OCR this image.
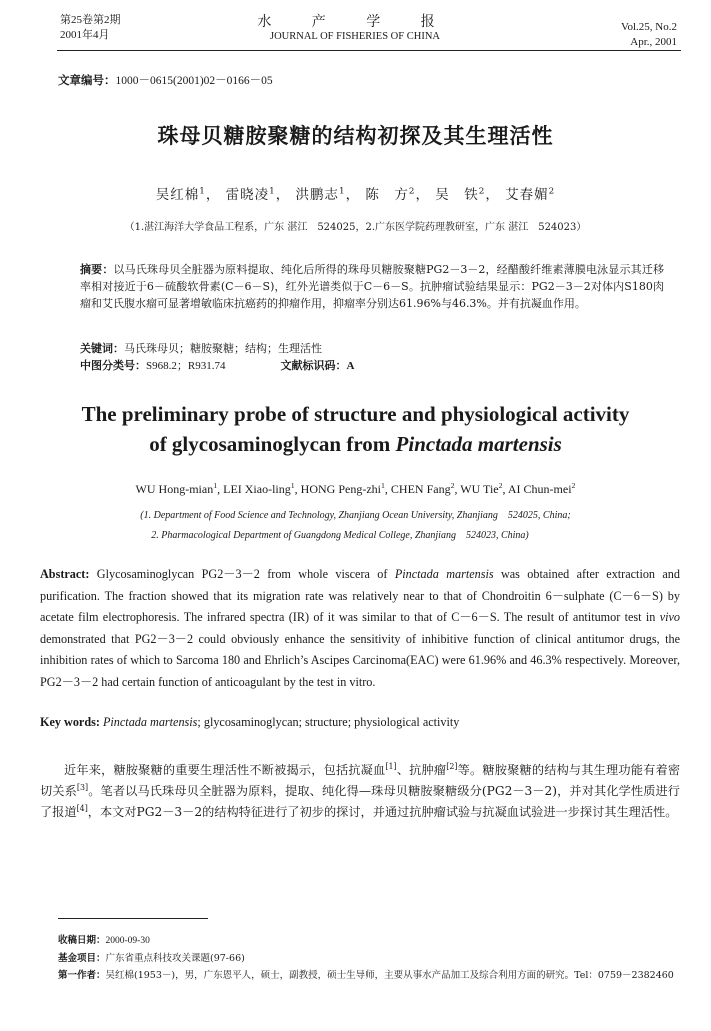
第25卷第2期
2001年4月
水 产 学 报
JOURNAL OF FISHERIES OF CHINA
Vol.25, No.2
Apr., 2001
文章编号：1000－0615(2001)02－0166－05
珠母贝糖胺聚糖的结构初探及其生理活性
吴红棉$^1$， 雷晓凌$^1$， 洪鹏志$^1$， 陈　方$^2$， 吴　铁$^2$， 艾春媚$^2$
（1.湛江海洋大学食品工程系，广东 湛江　524025，2.广东医学院药理教研室，广东 湛江　524023）
摘要：以马氏珠母贝全脏器为原料提取、纯化后所得的珠母贝糖胺聚糖PG2－3－2，经醋酸纤维素薄膜电泳显示其迁移率相对接近于6－硫酸软骨素(C－6－S)，红外光谱类似于C－6－S。抗肿瘤试验结果显示：PG2－3－2对体内S180肉瘤和艾氏腹水瘤可显著增敏临床抗癌药的抑瘤作用，抑瘤率分别达61.96%与46.3%。并有抗凝血作用。
关键词：马氏珠母贝；糖胺聚糖；结构；生理活性
中图分类号：S968.2；R931.74	文献标识码：A
The preliminary probe of structure and physiological activity
of glycosaminoglycan from Pinctada martensis
WU Hong-mian$^1$, LEI Xiao-ling$^1$, HONG Peng-zhi$^1$, CHEN Fang$^2$, WU Tie$^2$, AI Chun-mei$^2$
(1. Department of Food Science and Technology, Zhanjiang Ocean University, Zhanjiang　524025, China;
2. Pharmacological Department of Guangdong Medical College, Zhanjiang　524023, China)
Abstract: Glycosaminoglycan PG2－3－2 from whole viscera of Pinctada martensis was obtained after extraction and purification. The fraction showed that its migration rate was relatively near to that of Chondroitin 6－sulphate (C－6－S) by acetate film electrophoresis. The infrared spectra (IR) of it was similar to that of C－6－S. The result of antitumor test in vivo demonstrated that PG2－3－2 could obviously enhance the sensitivity of inhibitive function of clinical antitumor drugs, the inhibition rates of which to Sarcoma 180 and Ehrlich’s Ascipes Carcinoma(EAC) were 61.96% and 46.3% respectively. Moreover, PG2－3－2 had certain function of anticoagulant by the test in vitro.
Key words: Pinctada martensis; glycosaminoglycan; structure; physiological activity
近年来，糖胺聚糖的重要生理活性不断被揭示，包括抗凝血[1]、抗肿瘤[2]等。糖胺聚糖的结构与其生理功能有着密切关系[3]。笔者以马氏珠母贝全脏器为原料，提取、纯化得—珠母贝糖胺聚糖级分(PG2－3－2)，并对其化学性质进行了报道[4]，本文对PG2－3－2的结构特征进行了初步的探讨，并通过抗肿瘤试验与抗凝血试验进一步探讨其生理活性。
收稿日期：2000-09-30
基金项目：广东省重点科技攻关课题(97-66)
第一作者：吴红棉(1953－)，男，广东恩平人，硕士，副教授，硕士生导师，主要从事水产品加工及综合利用方面的研究。Tel：0759－2382460
